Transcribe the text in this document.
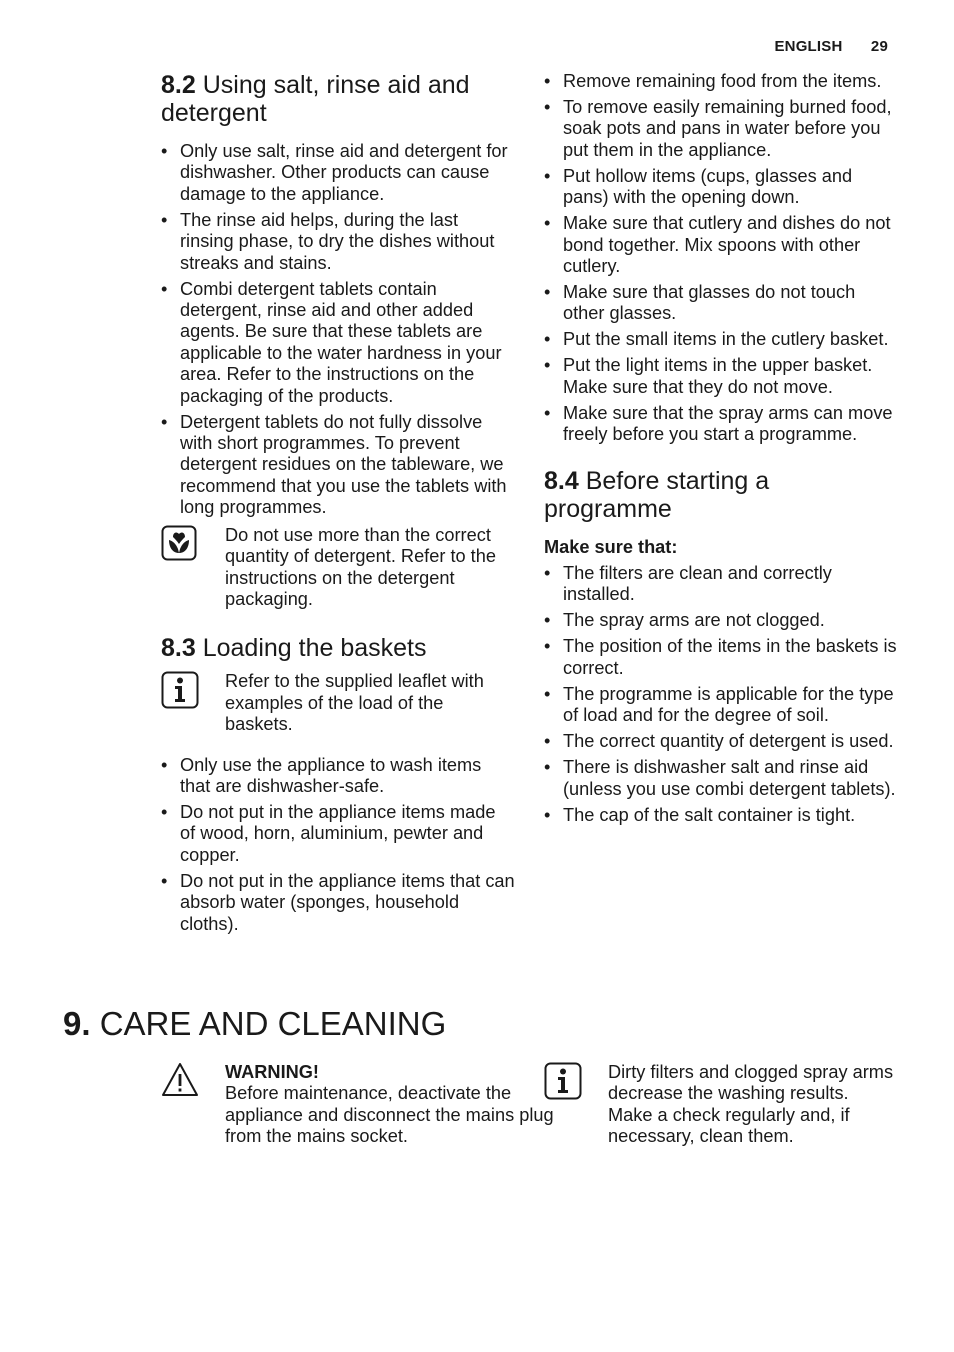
ENGLISH 29
8.2 Using salt, rinse aid and detergent
• Only use salt, rinse aid and detergent for dishwasher. Other products can cause damage to the appliance.
• The rinse aid helps, during the last rinsing phase, to dry the dishes without streaks and stains.
• Combi detergent tablets contain detergent, rinse aid and other added agents. Be sure that these tablets are applicable to the water hardness in your area. Refer to the instructions on the packaging of the products.
• Detergent tablets do not fully dissolve with short programmes. To prevent detergent residues on the tableware, we recommend that you use the tablets with long programmes.
Do not use more than the correct quantity of detergent. Refer to the instructions on the detergent packaging.
8.3 Loading the baskets
Refer to the supplied leaflet with examples of the load of the baskets.
• Only use the appliance to wash items that are dishwasher-safe.
• Do not put in the appliance items made of wood, horn, aluminium, pewter and copper.
• Do not put in the appliance items that can absorb water (sponges, household cloths).
• Remove remaining food from the items.
• To remove easily remaining burned food, soak pots and pans in water before you put them in the appliance.
• Put hollow items (cups, glasses and pans) with the opening down.
• Make sure that cutlery and dishes do not bond together. Mix spoons with other cutlery.
• Make sure that glasses do not touch other glasses.
• Put the small items in the cutlery basket.
• Put the light items in the upper basket. Make sure that they do not move.
• Make sure that the spray arms can move freely before you start a programme.
8.4 Before starting a programme
Make sure that:
• The filters are clean and correctly installed.
• The spray arms are not clogged.
• The position of the items in the baskets is correct.
• The programme is applicable for the type of load and for the degree of soil.
• The correct quantity of detergent is used.
• There is dishwasher salt and rinse aid (unless you use combi detergent tablets).
• The cap of the salt container is tight.
9. CARE AND CLEANING
WARNING!
Before maintenance, deactivate the appliance and disconnect the mains plug from the mains socket.
Dirty filters and clogged spray arms decrease the washing results.
Make a check regularly and, if necessary, clean them.
